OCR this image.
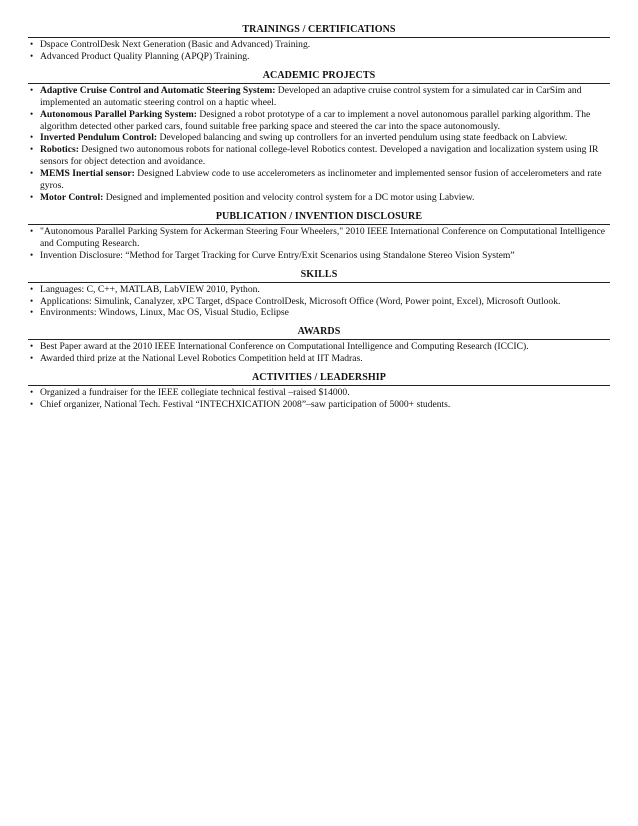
TRAININGS / CERTIFICATIONS
• Dspace ControlDesk Next Generation (Basic and Advanced) Training.
• Advanced Product Quality Planning (APQP) Training.
ACADEMIC PROJECTS
• Adaptive Cruise Control and Automatic Steering System: Developed an adaptive cruise control system for a simulated car in CarSim and implemented an automatic steering control on a haptic wheel.
• Autonomous Parallel Parking System: Designed a robot prototype of a car to implement a novel autonomous parallel parking algorithm. The algorithm detected other parked cars, found suitable free parking space and steered the car into the space autonomously.
• Inverted Pendulum Control: Developed balancing and swing up controllers for an inverted pendulum using state feedback on Labview.
• Robotics: Designed two autonomous robots for national college-level Robotics contest. Developed a navigation and localization system using IR sensors for object detection and avoidance.
• MEMS Inertial sensor: Designed Labview code to use accelerometers as inclinometer and implemented sensor fusion of accelerometers and rate gyros.
• Motor Control: Designed and implemented position and velocity control system for a DC motor using Labview.
PUBLICATION / INVENTION DISCLOSURE
• "Autonomous Parallel Parking System for Ackerman Steering Four Wheelers," 2010 IEEE International Conference on Computational Intelligence and Computing Research.
• Invention Disclosure: “Method for Target Tracking for Curve Entry/Exit Scenarios using Standalone Stereo Vision System”
SKILLS
• Languages: C, C++, MATLAB, LabVIEW 2010, Python.
• Applications: Simulink, Canalyzer, xPC Target, dSpace ControlDesk, Microsoft Office (Word, Power point, Excel), Microsoft Outlook.
• Environments: Windows, Linux, Mac OS, Visual Studio, Eclipse
AWARDS
• Best Paper award at the 2010 IEEE International Conference on Computational Intelligence and Computing Research (ICCIC).
• Awarded third prize at the National Level Robotics Competition held at IIT Madras.
ACTIVITIES / LEADERSHIP
• Organized a fundraiser for the IEEE collegiate technical festival –raised $14000.
• Chief organizer, National Tech. Festival “INTECHXICATION 2008”–saw participation of 5000+ students.
